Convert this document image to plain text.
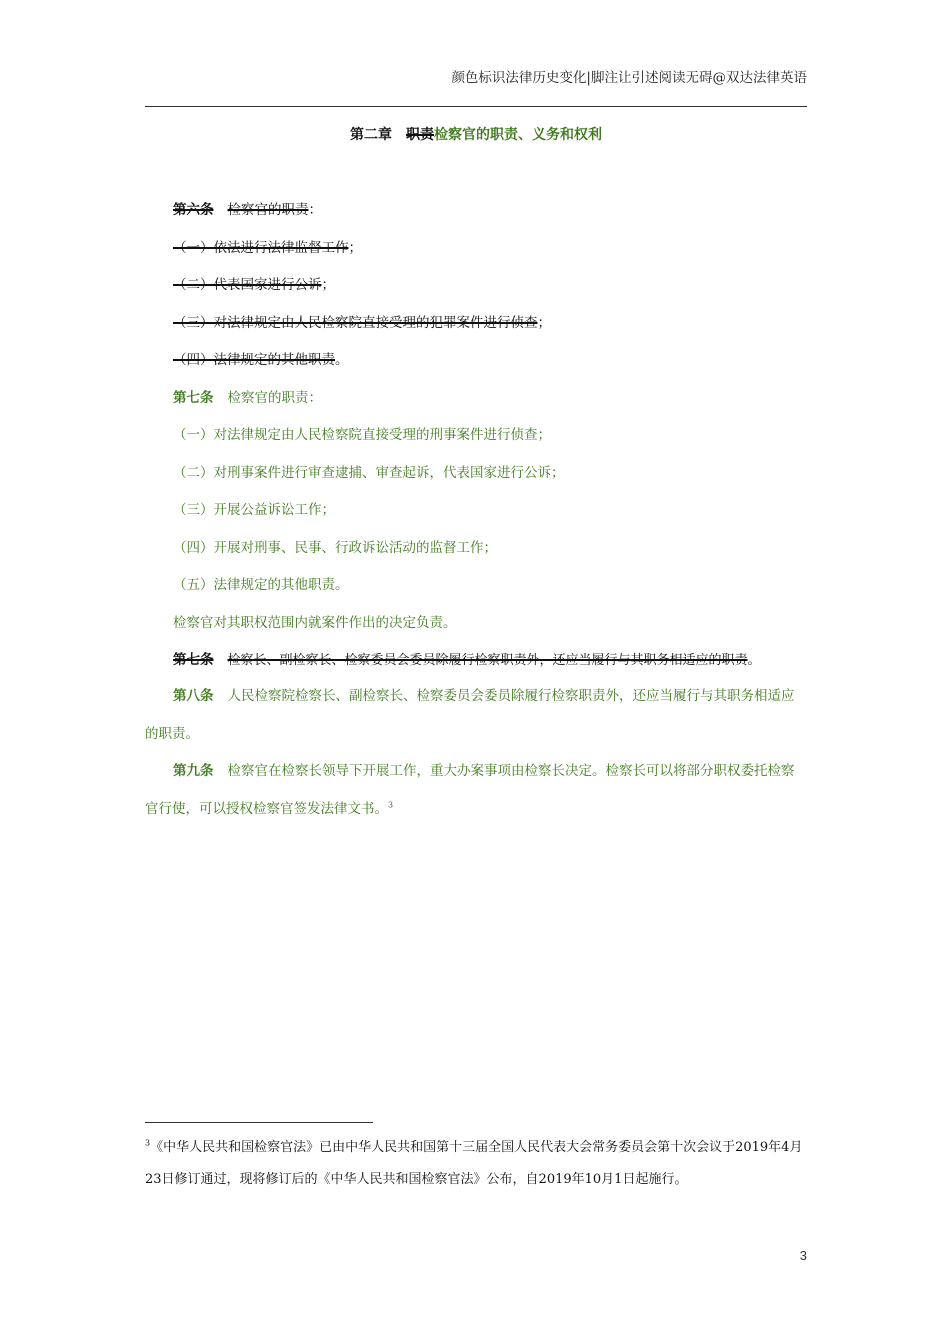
颜色标识法律历史变化|脚注让引述阅读无碍@双达法律英语
第二章 职责检察官的职责、义务和权利

第六条 检察官的职责：

（一）依法进行法律监督工作；

（二）代表国家进行公诉；

（三）对法律规定由人民检察院直接受理的犯罪案件进行侦查；

（四）法律规定的其他职责。

第七条 检察官的职责：

（一）对法律规定由人民检察院直接受理的刑事案件进行侦查；

（二）对刑事案件进行审查逮捕、审查起诉，代表国家进行公诉；

（三）开展公益诉讼工作；

（四）开展对刑事、民事、行政诉讼活动的监督工作；

（五）法律规定的其他职责。

检察官对其职权范围内就案件作出的决定负责。

第七条 检察长、副检察长、检察委员会委员除履行检察职责外，还应当履行与其职务相适应的职责。

第八条 人民检察院检察长、副检察长、检察委员会委员除履行检察职责外，还应当履行与其职务相适应的职责。

第九条 检察官在检察长领导下开展工作，重大办案事项由检察长决定。检察长可以将部分职权委托检察官行使，可以授权检察官签发法律文书。$^3$

$^3$《中华人民共和国检察官法》已由中华人民共和国第十三届全国人民代表大会常务委员会第十次会议于2019年4月23日修订通过，现将修订后的《中华人民共和国检察官法》公布，自2019年10月1日起施行。
3
